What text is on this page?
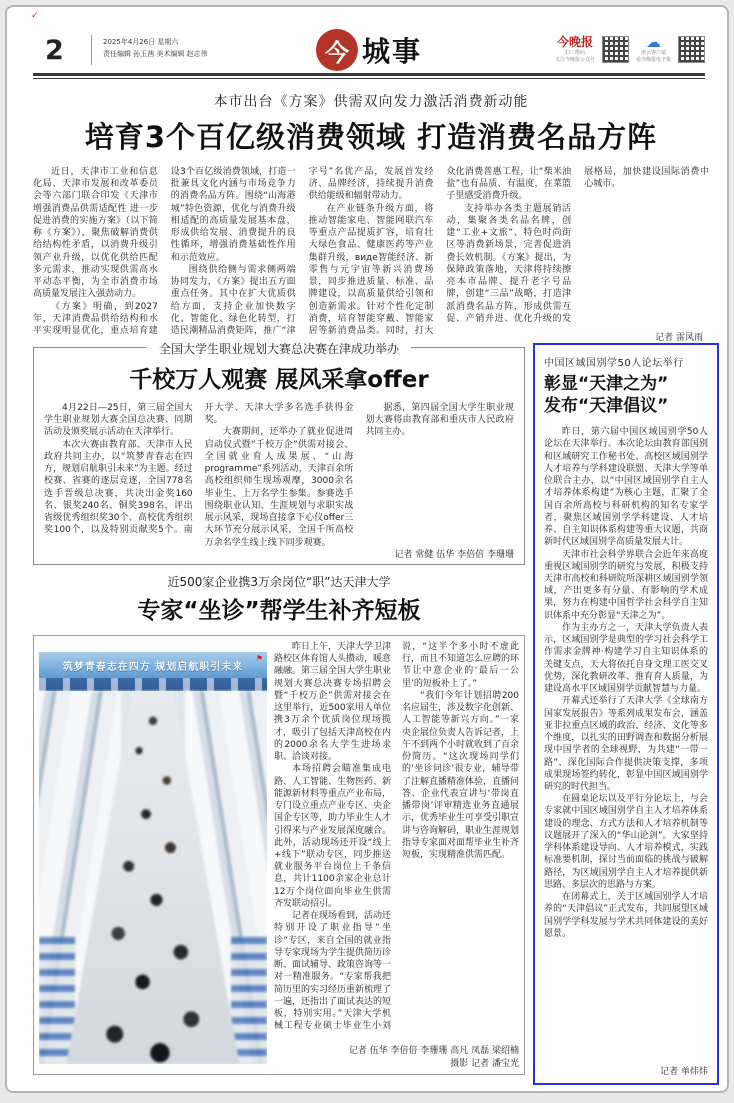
✓
2	2025年4月26日 星期六
责任编辑 孙玉茜 美术编辑 赵志伟	今 城事	今晚报
扫二维码
关注今晚报公众号
☁
津云客户端
看今晚报电子报
本市出台《方案》供需双向发力激活消费新动能
培育3个百亿级消费领域 打造消费名品方阵

近日，天津市工业和信息化局、天津市发展和改革委员会等六部门联合印发《天津市增强消费品供需适配性 进一步促进消费的实施方案》（以下简称《方案》），聚焦破解消费供给结构性矛盾，以消费升级引领产业升级，以优化供给匹配多元需求，推动实现供需高水平动态平衡，为全市消费市场高质量发展注入强劲动力。

《方案》明确，到2027年，天津消费品供给结构和水平实现明显优化，重点培育建设3个百亿级消费领域，打造一批兼具文化内涵与市场竞争力的消费名品方阵。围绕“山海港城”特色资源，优化与消费升级相适配的高质量发展基本盘，形成供给发展、消费提升的良性循环，增强消费基础性作用和示范效应。

围绕供给侧与需求侧两端协同发力，《方案》提出五方面重点任务。其中在扩大优质供给方面，支持企业加快数字化、智能化、绿色化转型，打造民潮精品消费矩阵，推广“津字号”名优产品，发展首发经济、品牌经济，持续提升消费供给能级和辐射带动力。

在产业链条升级方面，将推动智能家电、智能网联汽车等重点产品提质扩容，培育壮大绿色食品、健康医药等产业集群升级，виде智能经济、新零售与元宇宙等新兴消费场景，同步推进质量、标准、品牌建设，以高质量供给引领和创造新需求。针对个性化定制消费，培育智能穿戴、智能家居等新消费品类。同时，打大众化消费普惠工程，让“柴米油盐”也有品质、有温度，在菜篮子里感受消费升级。

支持举办各类主题展销活动，集聚各类名品名牌，创建“工业+文旅”、特色时尚街区等消费新场景，完善促进消费长效机制。《方案》提出，为保障政策落地，天津将持续擦亮本市品牌、提升老字号品牌，创建“三品”战略，打造津派消费名品方阵，形成供需互促、产销并进、优化升级的发展格局，加快建设国际消费中心城市。

记者 雷风雨
全国大学生职业规划大赛总决赛在津成功举办
千校万人观赛 展风采拿offer

4月22日—25日，第三届全国大学生职业规划大赛全国总决赛、同期活动及颁奖展示活动在天津举行。

本次大赛由教育部、天津市人民政府共同主办，以“筑梦青春志在四方，规划启航职引未来”为主题。经过校赛、省赛的逐层竞逐，全国778名选手晋级总决赛，共决出金奖160名、银奖240名、铜奖398名，评出省级优秀组织奖30个、高校优秀组织奖100个，以及特别贡献奖5个。南开大学、天津大学多名选手获得金奖。

大赛期间，还举办了就业促进周启动仪式暨“千校万企”供需对接会、全国就业育人成果展、“山海programme”系列活动，天津百余所高校组织师生现场观摩，3000余名毕业生、上万名学生参集。参赛选手围绕职业认知、生涯规划与求职实战展示风采，现场直接拿下心仪offer三大环节充分展示风采，全国千所高校万余名学生线上线下同步观赛。

据悉，第四届全国大学生职业规划大赛将由教育部和重庆市人民政府共同主办。

记者 常健 伍华 李倍倍 李珊珊
近500家企业携3万余岗位“职”达天津大学
专家“坐诊”帮学生补齐短板
⚑
筑梦青春志在四方 规划启航职引未来

昨日上午，天津大学卫津路校区体育馆人头攒动，暖意融融。第三届全国大学生职业规划大赛总决赛专场招聘会暨“千校万企”供需对接会在这里举行，近500家用人单位携3万余个优质岗位现场揽才，吸引了包括天津高校在内的2000余名大学生进场求职、洽谈对接。

本场招聘会瞄准集成电路、人工智能、生物医药、新能源新材料等重点产业布局，专门设立重点产业专区、央企国企专区等，助力毕业生人才引得来与产业发展深度融合。此外，活动现场还开设“线上+线下”联动专区，同步推送就业服务平台岗位上千条信息，共计1100余家企业总计12万个岗位面向毕业生供需齐发联动招引。

记者在现场看到，活动还特别开设了职业指导“坐诊”专区，来自全国的就业指导专家现场为学生提供简历诊断、面试辅导、政策咨询等一对一精准服务。“专家帮我把简历里的实习经历重新梳理了一遍，还指出了面试表达的短板，特别实用。”天津大学机械工程专业硕士毕业生小刘说，“这半个多小时不虚此行，而且不知道怎么应聘的环节让中意企业的‘最后一公里’的短板补上了。”

“我们今年计划招聘200名应届生，涉及数字化创新、人工智能等新兴方向。”一家央企展位负责人告诉记者，上午不到两个小时就收到了百余份简历。“这次现场同学们的‘坐诊问诊’很专业，辅导带了注解直播精准体验，直播问答、企业代表宣讲与‘带岗直播带岗’评审精选业务直通展示，优秀毕业生可享受引职宣讲与咨询解码，职业生涯规划指导专家面对面帮毕业生补齐短板，实现精准供需匹配。

记者 伍华 李倍倍 李珊珊 高凡 凤磊 梁绍楠
摄影 记者 潘宝光
中国区域国别学50人论坛举行
彰显“天津之为”
发布“天津倡议”

昨日，第六届中国区域国别学50人论坛在天津举行。本次论坛由教育部国别和区域研究工作秘书处、高校区域国别学人才培养与学科建设联盟、天津大学等单位联合主办，以“中国区域国别学自主人才培养体系构建”为核心主题，汇聚了全国百余所高校与科研机构的知名专家学者，聚焦区域国别学学科建设、人才培养、自主知识体系构建等重大议题，共商新时代区域国别学高质量发展大计。

天津市社会科学界联合会近年来高度重视区域国别学的研究与发展，积极支持天津市高校和科研院所深耕区域国别学领域，产出更多有分量、有影响的学术成果，努力在构建中国哲学社会科学自主知识体系中充分彰显“天津之为”。

作为主办方之一，天津大学负责人表示，区域国别学是典型的学习社会科学工作需求金牌神·构建学习自主知识体系的关键支点，天大将依托自身文理工医交叉优势，深化教研改革、推育育人质量，为建设高水平区域国别学贡献智慧与力量。

开幕式还举行了天津大学《全球南方国家发展报告》等系列成果发布会，涵盖亚非拉重点区域的政治、经济、文化等多个维度，以扎实的田野调查和数据分析展现中国学者的全球视野，为共建“一带一路”、深化国际合作提供决策支撑，多项成果现场签约转化，彰显中国区域国别学研究的时代担当。

在圆桌论坛以及平行分论坛上，与会专家就中国区域国别学自主人才培养体系建设的理念、方式方法和人才培养机制等议题展开了深入的“华山论剑”。大家坚持学科体系建设导向、人才培养模式，实践标准要机制，探讨当前面临的挑战与破解路径，为区域国别学自主人才培养提供新思路、多层次的思路与方案。

在闭幕式上，关于区域国别学人才培养的“天津倡议”正式发布，共同展望区域国别学学科发展与学术共同体建设的美好愿景。

记者 单炜炜
